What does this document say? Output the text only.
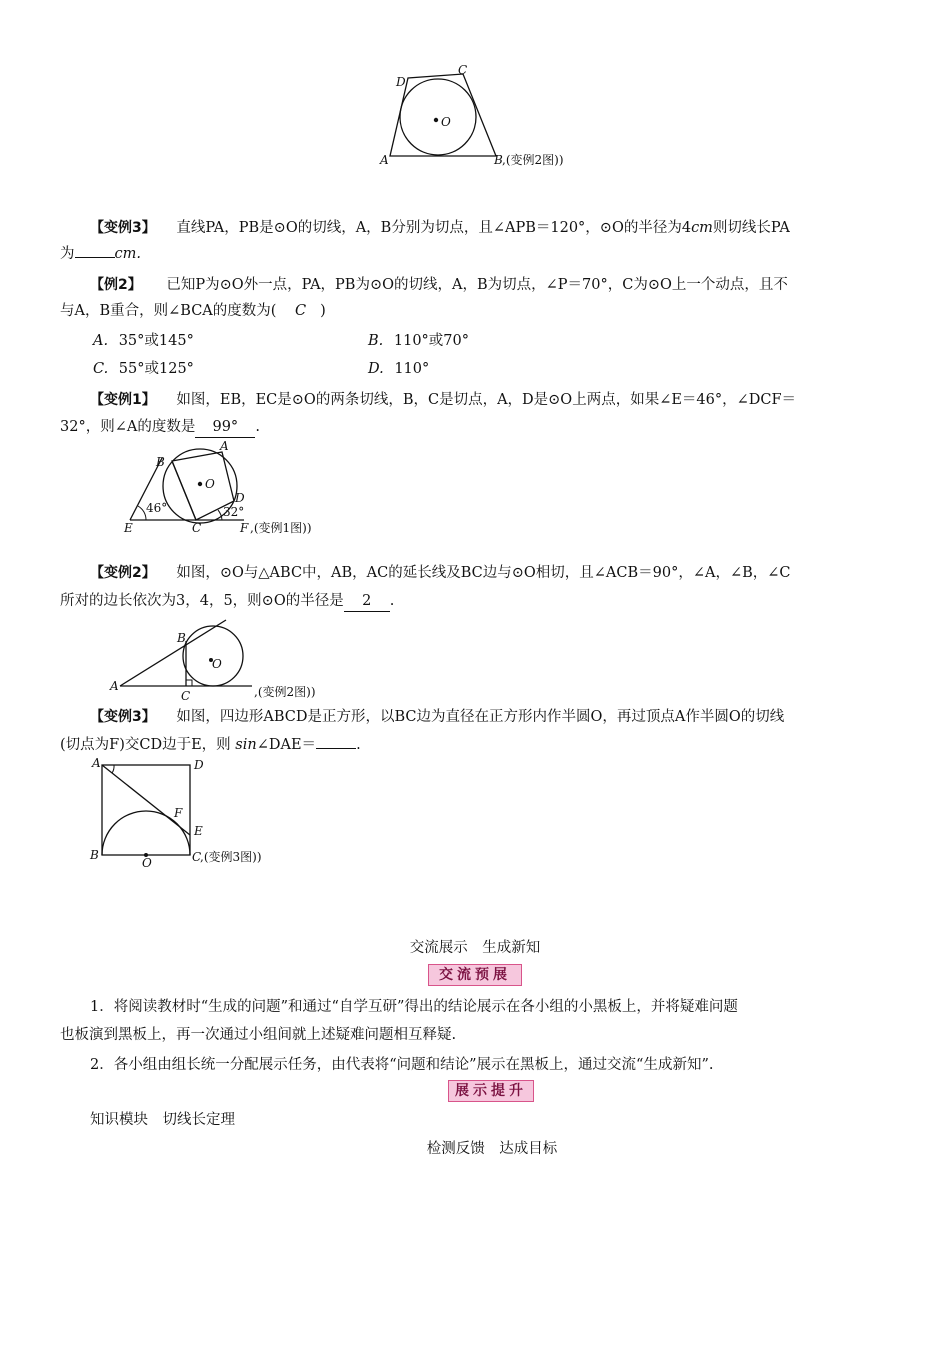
O
D
C
A	B ,(变例2图))
【变例3】 直线PA，PB是⊙O的切线，A，B分别为切点，且∠APB＝120°，⊙O的半径为4cm则切线长PA
为	cm.
【例2】 已知P为⊙O外一点，PA，PB为⊙O的切线，A，B为切点，∠P＝70°，C为⊙O上一个动点，且不
与A，B重合，则∠BCA的度数为( C )
A. 35°或145°	B. 110°或70°
C. 55°或125°	D. 110°
【变例1】 如图，EB，EC是⊙O的两条切线，B，C是切点，A，D是⊙O上两点，如果∠E＝46°，∠DCF＝
32°，则∠A的度数是 99° .
B
A
O
D
E	C	F
46°	32°
,(变例1图))
【变例2】 如图，⊙O与△ABC中，AB，AC的延长线及BC边与⊙O相切，且∠ACB＝90°，∠A，∠B，∠C
所对的边长依次为3，4，5，则⊙O的半径是 2 .
B
O
A
C	,(变例2图))
【变例3】 如图，四边形ABCD是正方形，以BC边为直径在正方形内作半圆O，再过顶点A作半圆O的切线
(切点为F)交CD边于E，则 sin∠DAE＝	.
A	D
F
E
B
O	C
,(变例3图))
交流展示　生成新知
交流预展
1．将阅读教材时“生成的问题”和通过“自学互研”得出的结论展示在各小组的小黑板上，并将疑难问题
也板演到黑板上，再一次通过小组间就上述疑难问题相互释疑.
2．各小组由组长统一分配展示任务，由代表将“问题和结论”展示在黑板上，通过交流“生成新知”.
展示提升
知识模块　切线长定理
检测反馈　达成目标
